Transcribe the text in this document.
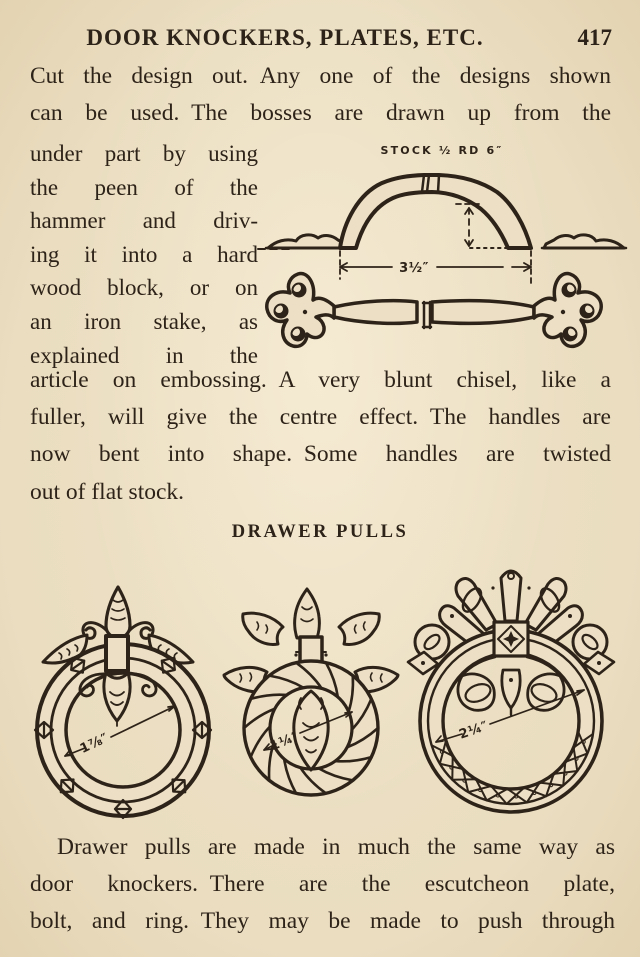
DOOR KNOCKERS, PLATES, ETC.	417
Cut the design out. Any one of the designs shown
can be used. The bosses are drawn up from the
under part by using
the peen of the
hammer and driv-
ing it into a hard
wood block, or on
an iron stake, as
explained in the
article on embossing. A very blunt chisel, like a
fuller, will give the centre effect. The handles are
now bent into shape. Some handles are twisted
out of flat stock.
DRAWER PULLS
Drawer pulls are made in much the same way as
door knockers. There are the escutcheon plate,
bolt, and ring. They may be made to push through
STOCK ½ RD 6″
3½″
1⅞″	1¼″	2¼″
